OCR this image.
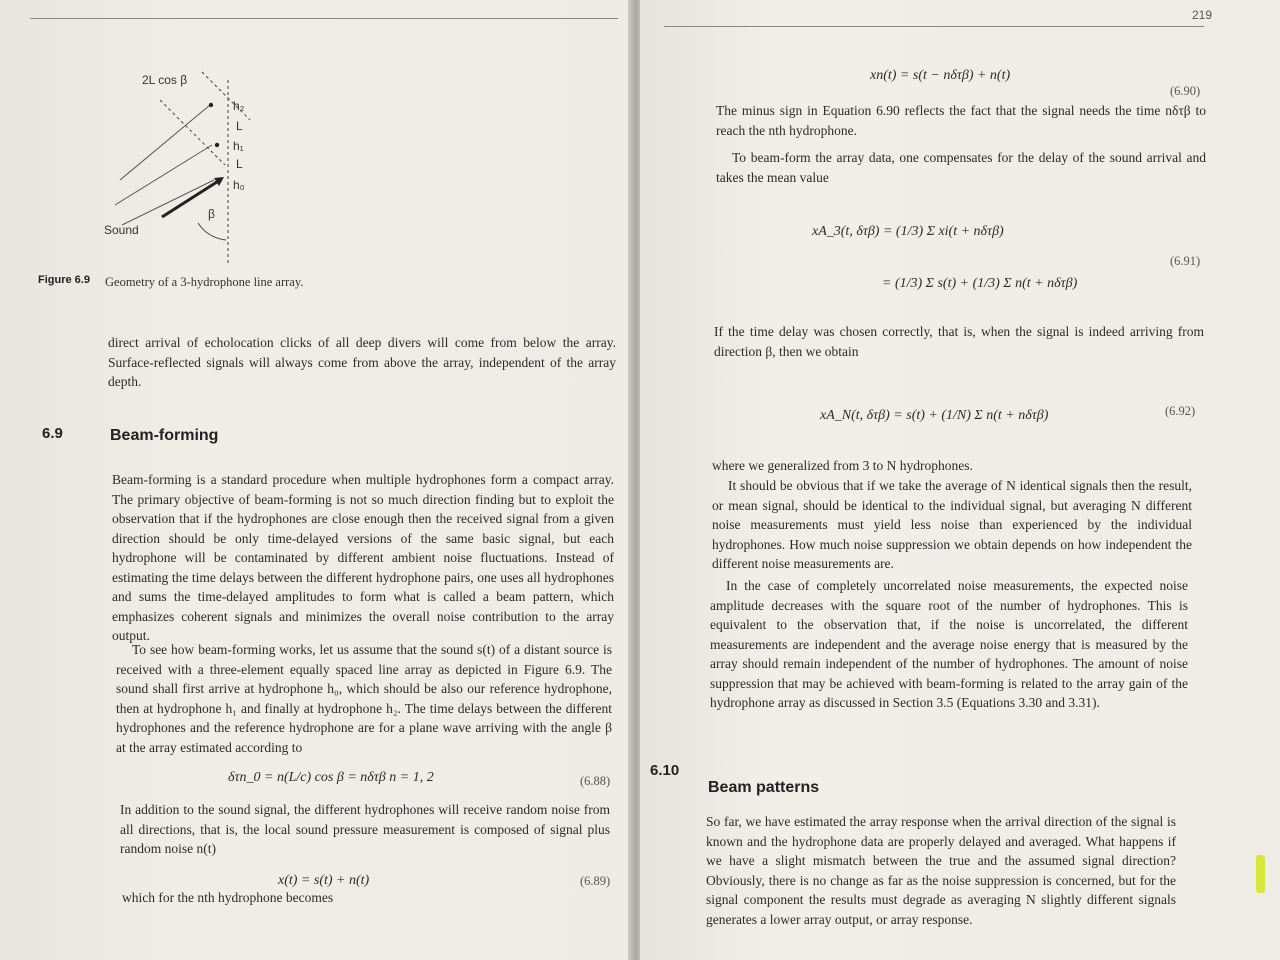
2L cos β
h₂
L
h₁
L
h₀
Sound
β
Figure 6.9 Geometry of a 3-hydrophone line array.

direct arrival of echolocation clicks of all deep divers will come from below the array. Surface-reflected signals will always come from above the array, independent of the array depth.

6.9	Beam-forming

Beam-forming is a standard procedure when multiple hydrophones form a compact array. The primary objective of beam-forming is not so much direction finding but to exploit the observation that if the hydrophones are close enough then the received signal from a given direction should be only time-delayed versions of the same basic signal, but each hydrophone will be contaminated by different ambient noise fluctuations. Instead of estimating the time delays between the different hydrophone pairs, one uses all hydrophones and sums the time-delayed amplitudes to form what is called a beam pattern, which emphasizes coherent signals and minimizes the overall noise contribution to the array output.

To see how beam-forming works, let us assume that the sound s(t) of a distant source is received with a three-element equally spaced line array as depicted in Figure 6.9. The sound shall first arrive at hydrophone h₀, which should be also our reference hydrophone, then at hydrophone h₁ and finally at hydrophone h₂. The time delays between the different hydrophones and the reference hydrophone are for a plane wave arriving with the angle β at the array estimated according to

δτn_0 = n(L/c) cos β = nδτβ n = 1, 2	(6.88)

In addition to the sound signal, the different hydrophones will receive random noise from all directions, that is, the local sound pressure measurement is composed of signal plus random noise n(t)

x(t) = s(t) + n(t)	(6.89)

which for the nth hydrophone becomes

219
xn(t) = s(t − nδτβ) + n(t)
(6.90)

The minus sign in Equation 6.90 reflects the fact that the signal needs the time nδτβ to reach the nth hydrophone.

To beam-form the array data, one compensates for the delay of the sound arrival and takes the mean value

xA_3(t, δτβ) = (1/3) Σ xi(t + nδτβ)
= (1/3) Σ s(t) + (1/3) Σ n(t + nδτβ)
(6.91)

If the time delay was chosen correctly, that is, when the signal is indeed arriving from direction β, then we obtain

xA_N(t, δτβ) = s(t) + (1/N) Σ n(t + nδτβ)	(6.92)

where we generalized from 3 to N hydrophones.

It should be obvious that if we take the average of N identical signals then the result, or mean signal, should be identical to the individual signal, but averaging N different noise measurements must yield less noise than experienced by the individual hydrophones. How much noise suppression we obtain depends on how independent the different noise measurements are.

In the case of completely uncorrelated noise measurements, the expected noise amplitude decreases with the square root of the number of hydrophones. This is equivalent to the observation that, if the noise is uncorrelated, the different measurements are independent and the average noise energy that is measured by the array should remain independent of the number of hydrophones. The amount of noise suppression that may be achieved with beam-forming is related to the array gain of the hydrophone array as discussed in Section 3.5 (Equations 3.30 and 3.31).

6.10
Beam patterns

So far, we have estimated the array response when the arrival direction of the signal is known and the hydrophone data are properly delayed and averaged. What happens if we have a slight mismatch between the true and the assumed signal direction? Obviously, there is no change as far as the noise suppression is concerned, but for the signal component the results must degrade as averaging N slightly different signals generates a lower array output, or array response.
